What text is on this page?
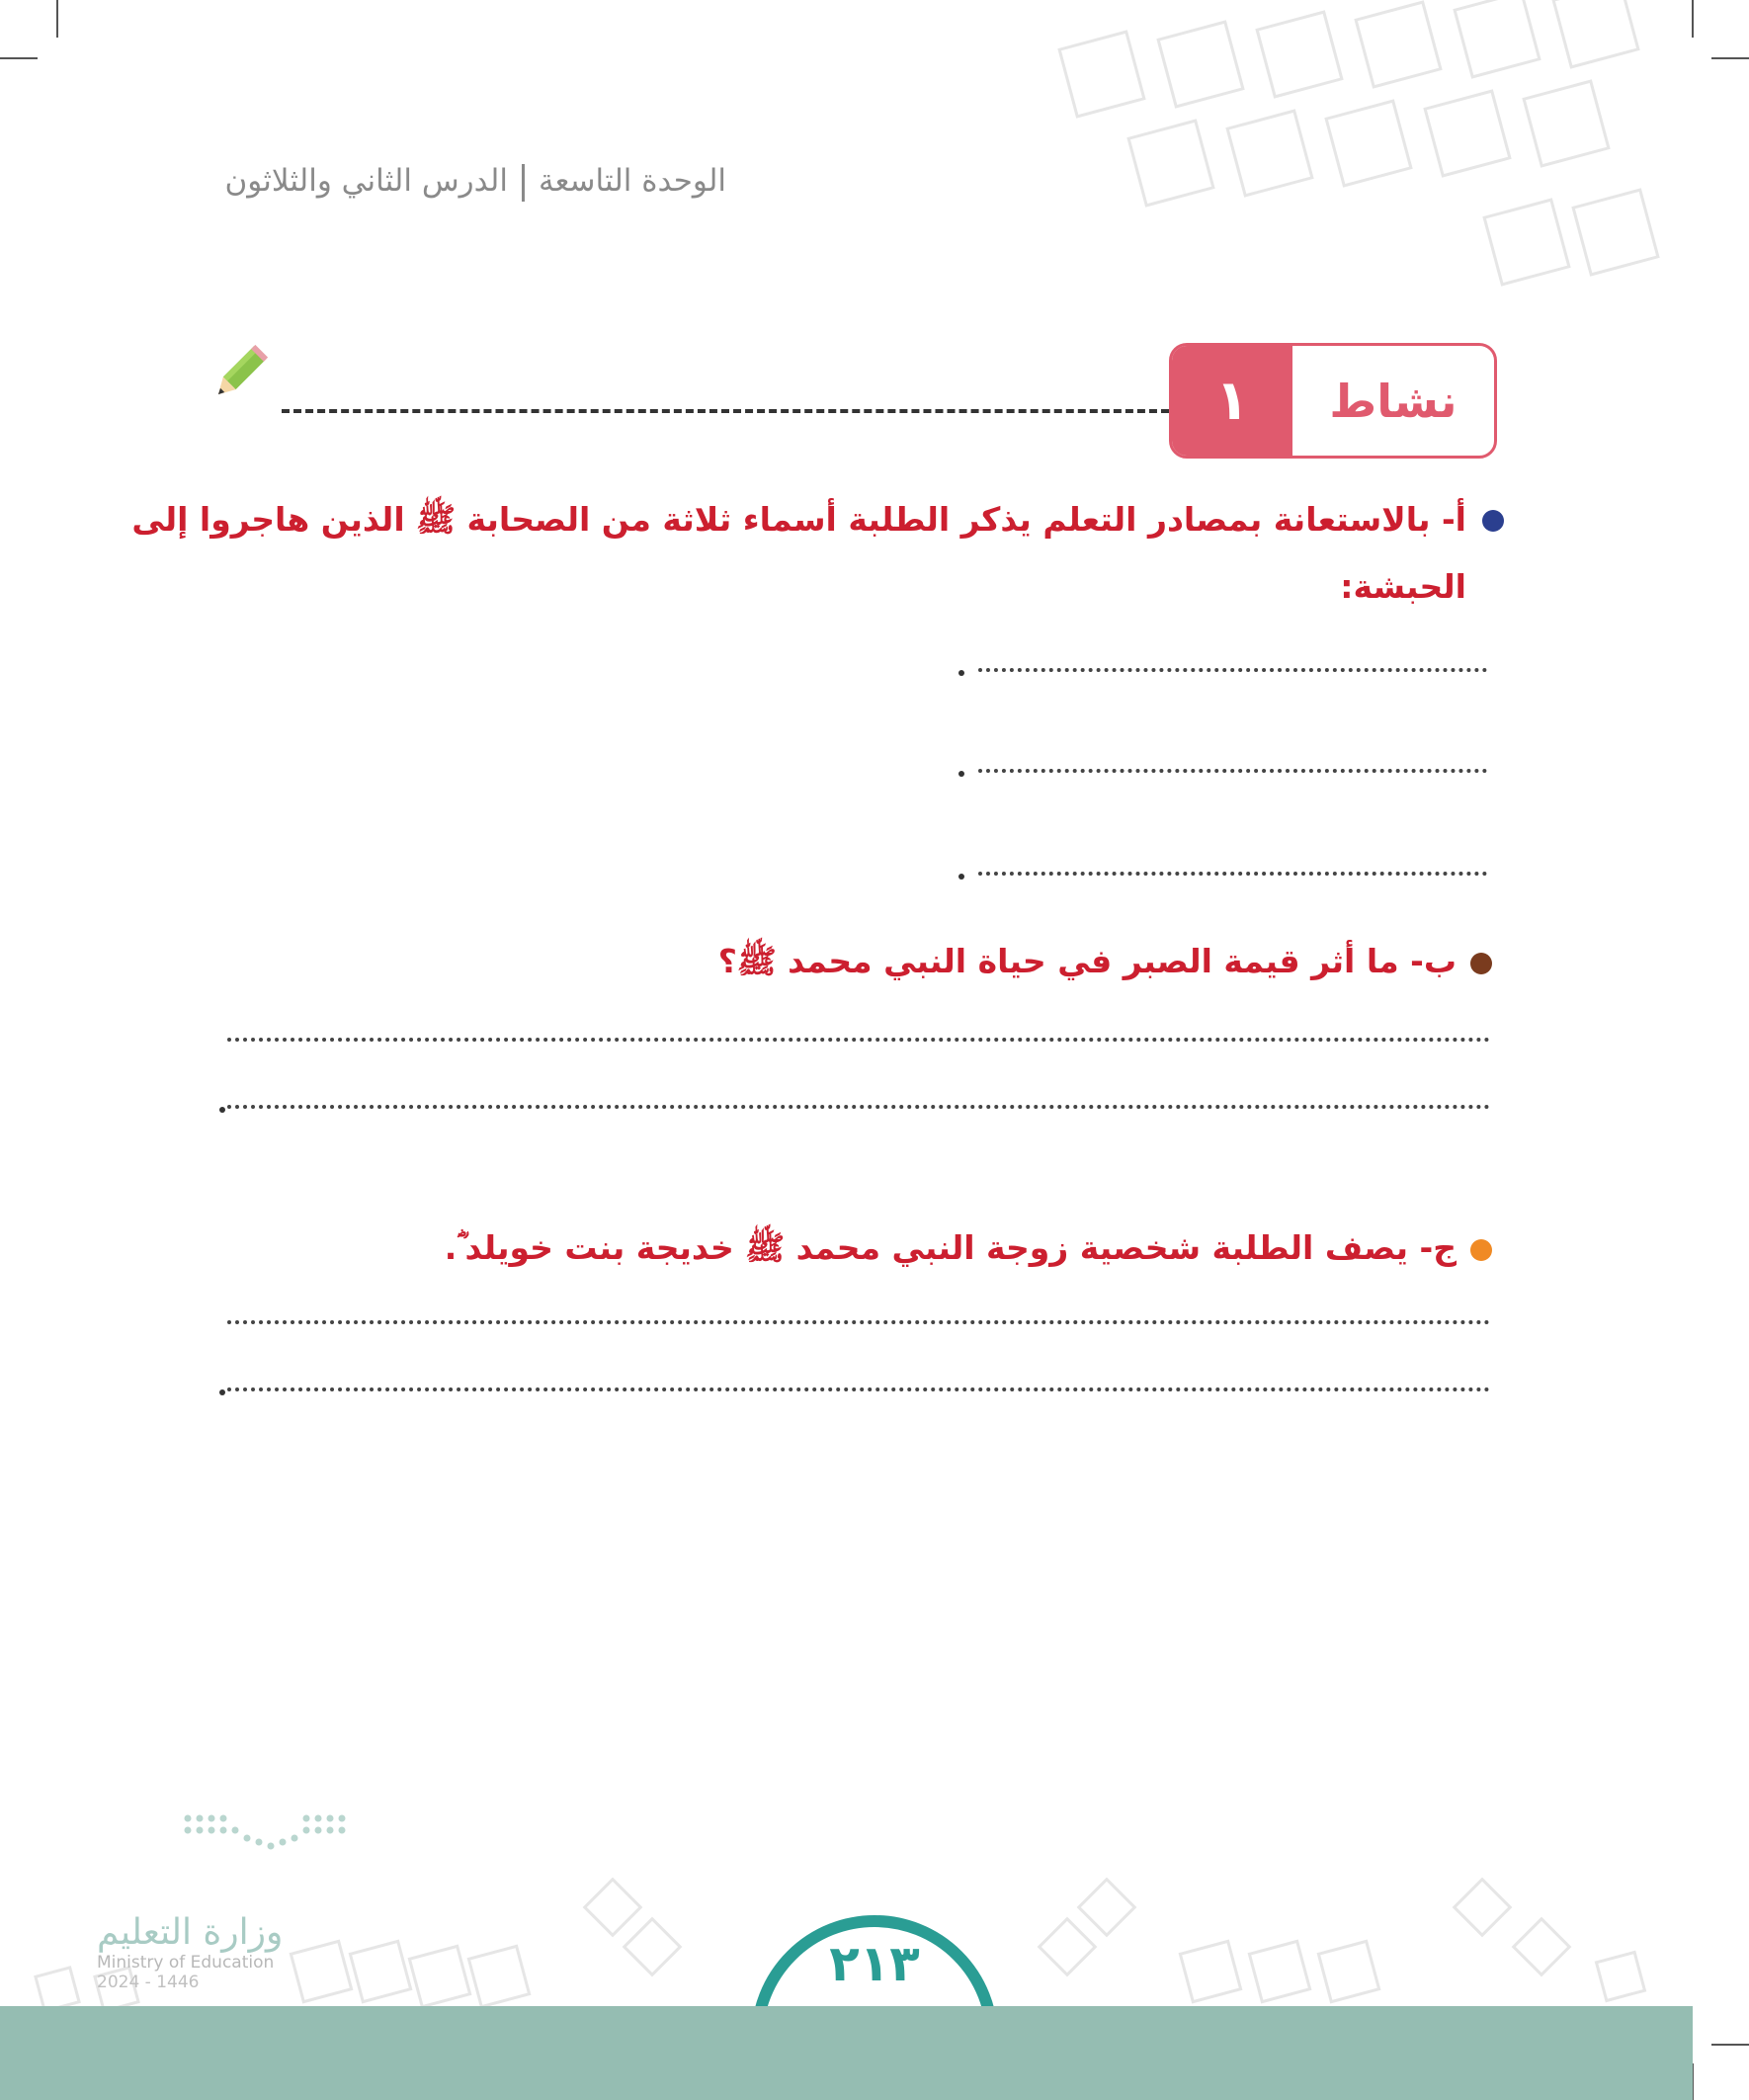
الوحدة التاسعةالدرس الثاني والثلاثون
١	نشاط
أ- بالاستعانة بمصادر التعلم يذكر الطلبة أسماء ثلاثة من الصحابة ﷺ الذين هاجروا إلى
الحبشة:
ب- ما أثر قيمة الصبر في حياة النبي محمد ﷺ؟
ج- يصف الطلبة شخصية زوجة النبي محمد ﷺ خديجة بنت خويلد ؓ.
وزارة التعليم
Ministry of Education
2024 - 1446	٢١٣
